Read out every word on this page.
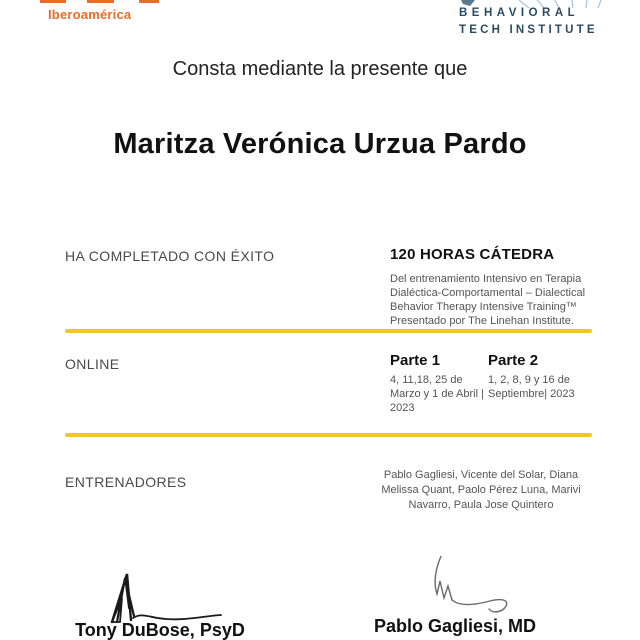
Iberoamérica	BEHAVIORAL
TECH INSTITUTE
Consta mediante la presente que
Maritza Verónica Urzua Pardo
HA COMPLETADO CON ÉXITO	120 HORAS CÁTEDRA
Del entrenamiento Intensivo en Terapia Dialéctica-Comportamental – Dialectical Behavior Therapy Intensive Training™ Presentado por The Linehan Institute.
ONLINE	Parte 1
4, 11,18, 25 de Marzo y 1 de Abril | 2023
Parte 2
1, 2, 8, 9 y 16 de Septiembre| 2023
ENTRENADORES	Pablo Gagliesi, Vicente del Solar, Diana Melissa Quant, Paolo Pérez Luna, Marivi Navarro, Paula Jose Quintero
Tony DuBose, PsyD	Pablo Gagliesi, MD
